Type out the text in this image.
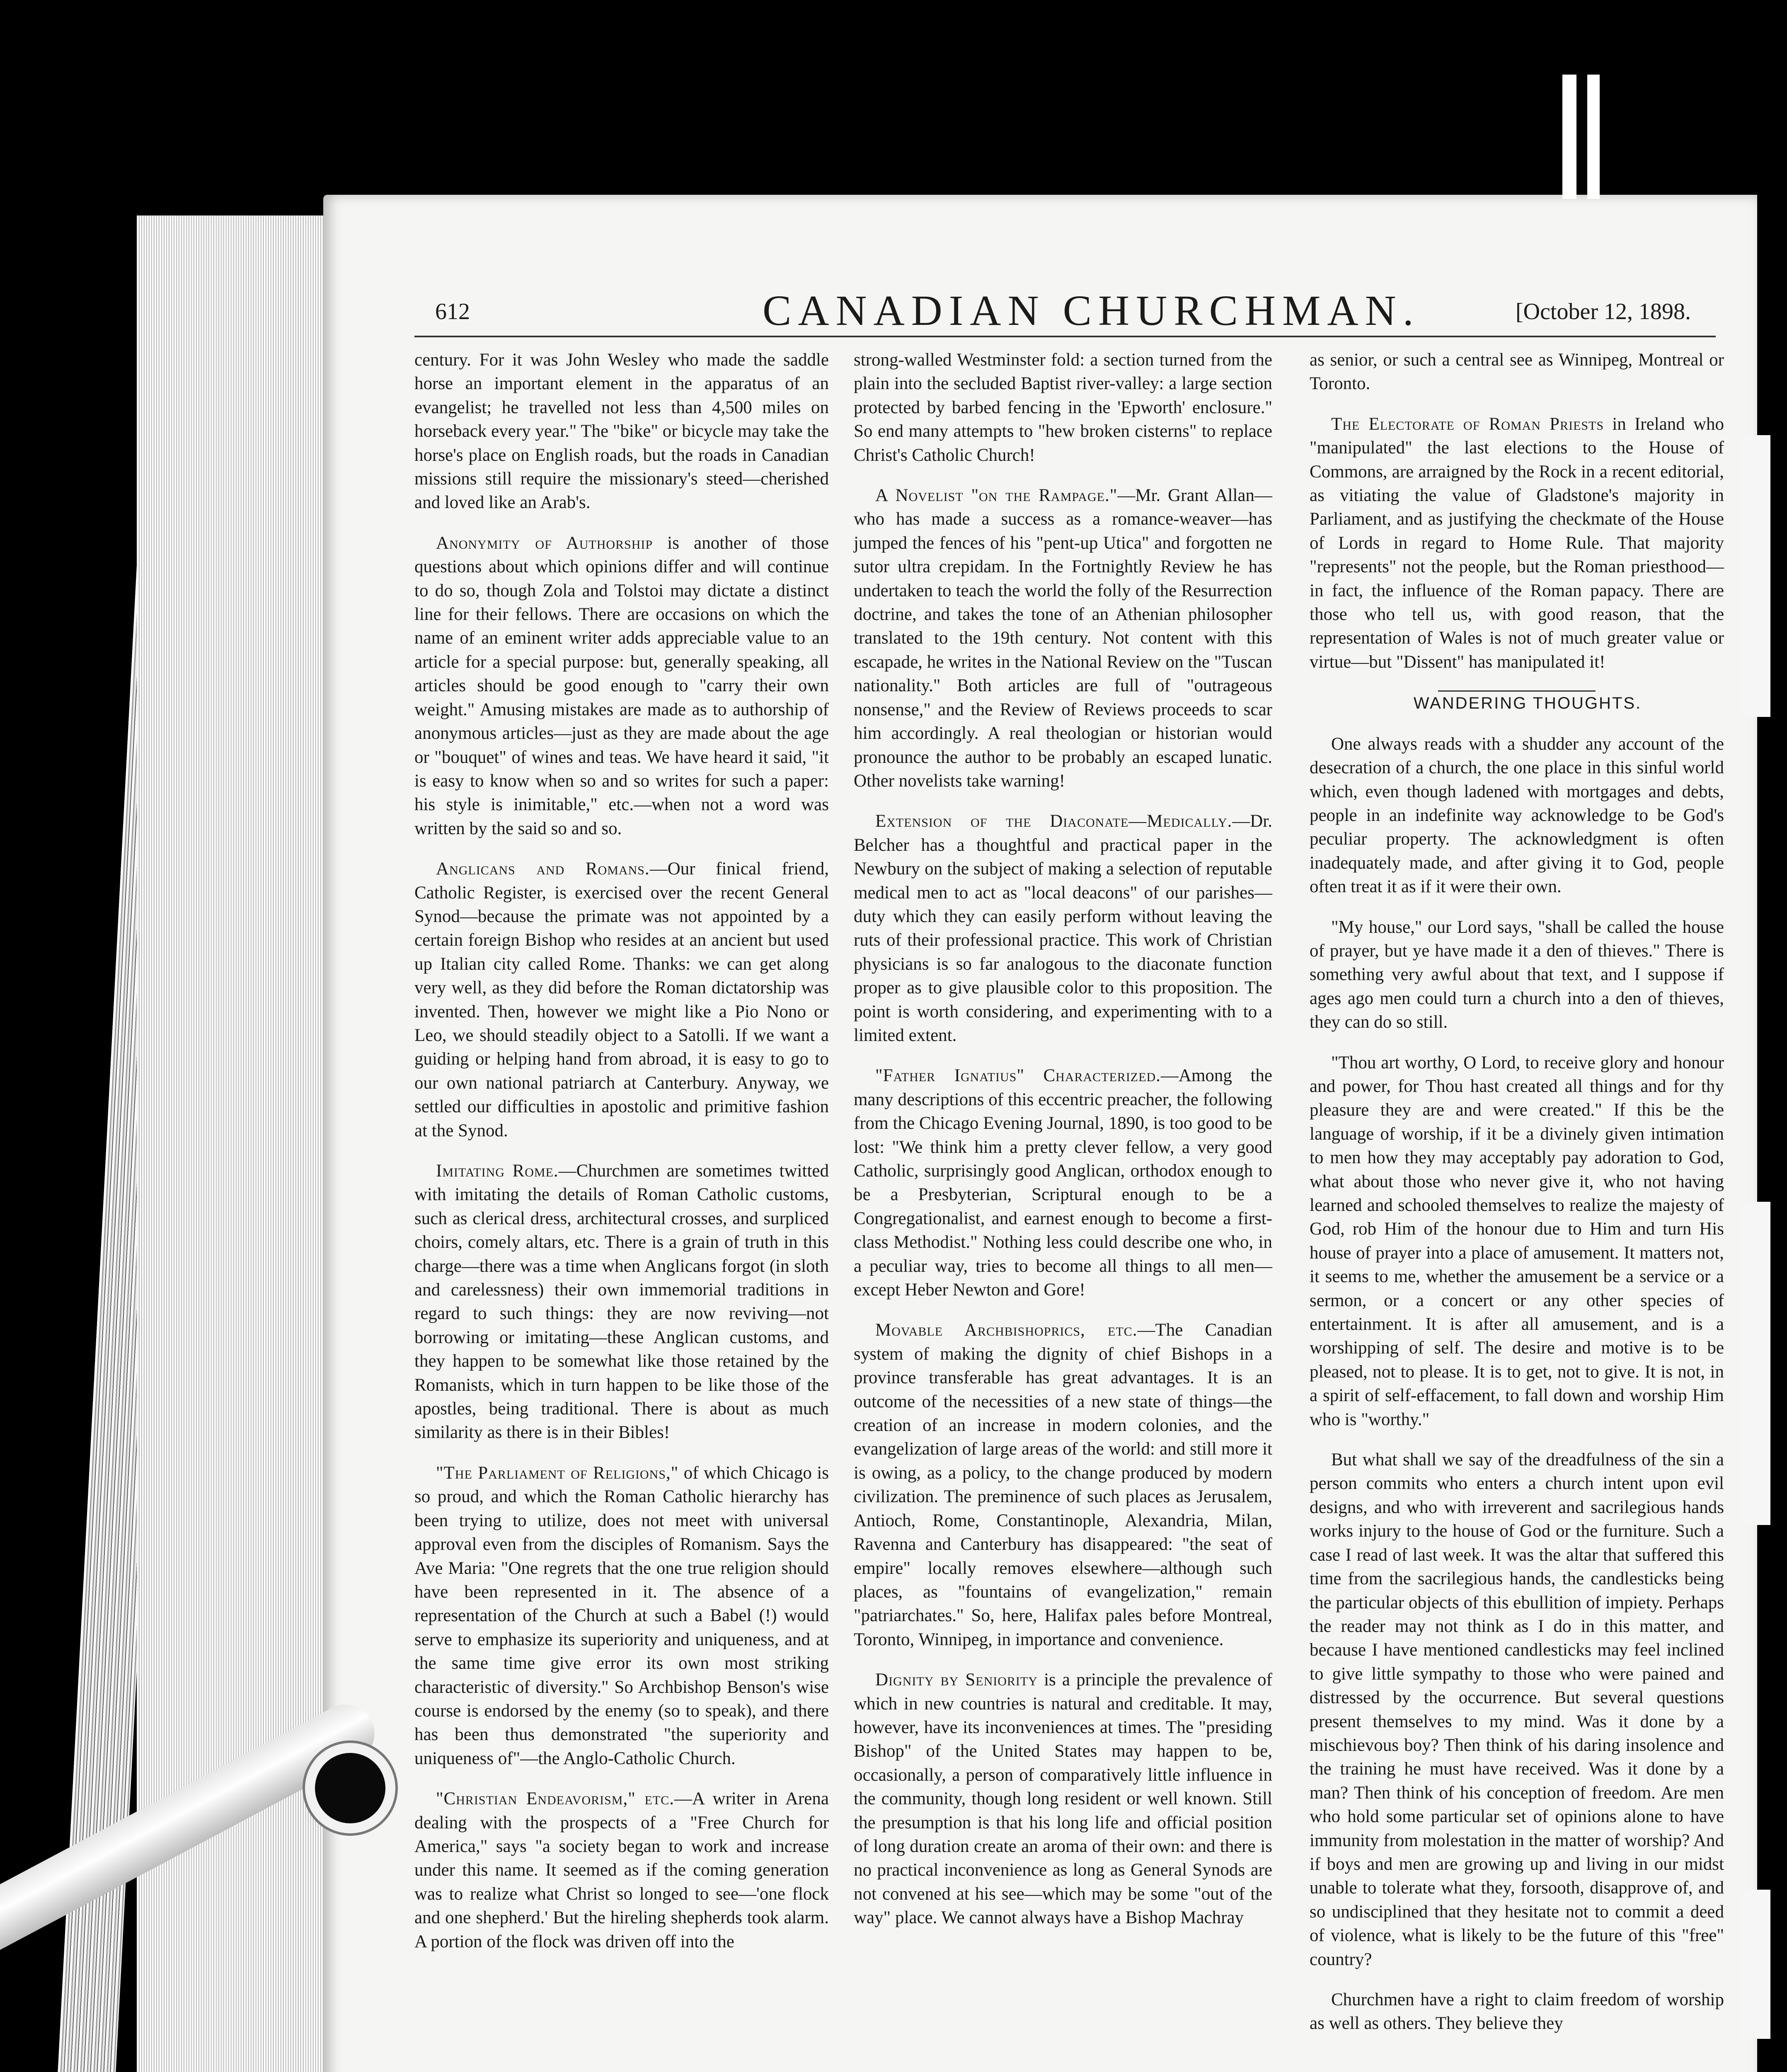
612	CANADIAN CHURCHMAN.	[October 12, 1898.

century. For it was John Wesley who made the saddle horse an important element in the apparatus of an evangelist; he travelled not less than 4,500 miles on horseback every year." The "bike" or bicycle may take the horse's place on English roads, but the roads in Canadian missions still require the missionary's steed—cherished and loved like an Arab's.

Anonymity of Authorship is another of those questions about which opinions differ and will continue to do so, though Zola and Tolstoi may dictate a distinct line for their fellows. There are occasions on which the name of an eminent writer adds appreciable value to an article for a special purpose: but, generally speaking, all articles should be good enough to "carry their own weight." Amusing mistakes are made as to authorship of anonymous articles—just as they are made about the age or "bouquet" of wines and teas. We have heard it said, "it is easy to know when so and so writes for such a paper: his style is inimitable," etc.—when not a word was written by the said so and so.

Anglicans and Romans.—Our finical friend, Catholic Register, is exercised over the recent General Synod—because the primate was not appointed by a certain foreign Bishop who resides at an ancient but used up Italian city called Rome. Thanks: we can get along very well, as they did before the Roman dictatorship was invented. Then, however we might like a Pio Nono or Leo, we should steadily object to a Satolli. If we want a guiding or helping hand from abroad, it is easy to go to our own national patriarch at Canterbury. Anyway, we settled our difficulties in apostolic and primitive fashion at the Synod.

Imitating Rome.—Churchmen are sometimes twitted with imitating the details of Roman Catholic customs, such as clerical dress, architectural crosses, and surpliced choirs, comely altars, etc. There is a grain of truth in this charge—there was a time when Anglicans forgot (in sloth and carelessness) their own immemorial traditions in regard to such things: they are now reviving—not borrowing or imitating—these Anglican customs, and they happen to be somewhat like those retained by the Romanists, which in turn happen to be like those of the apostles, being traditional. There is about as much similarity as there is in their Bibles!

"The Parliament of Religions," of which Chicago is so proud, and which the Roman Catholic hierarchy has been trying to utilize, does not meet with universal approval even from the disciples of Romanism. Says the Ave Maria: "One regrets that the one true religion should have been represented in it. The absence of a representation of the Church at such a Babel (!) would serve to emphasize its superiority and uniqueness, and at the same time give error its own most striking characteristic of diversity." So Archbishop Benson's wise course is endorsed by the enemy (so to speak), and there has been thus demonstrated "the superiority and uniqueness of"—the Anglo-Catholic Church.

"Christian Endeavorism," etc.—A writer in Arena dealing with the prospects of a "Free Church for America," says "a society began to work and increase under this name. It seemed as if the coming generation was to realize what Christ so longed to see—'one flock and one shepherd.' But the hireling shepherds took alarm. A portion of the flock was driven off into the

strong-walled Westminster fold: a section turned from the plain into the secluded Baptist river-valley: a large section protected by barbed fencing in the 'Epworth' enclosure." So end many attempts to "hew broken cisterns" to replace Christ's Catholic Church!

A Novelist "on the Rampage."—Mr. Grant Allan—who has made a success as a romance-weaver—has jumped the fences of his "pent-up Utica" and forgotten ne sutor ultra crepidam. In the Fortnightly Review he has undertaken to teach the world the folly of the Resurrection doctrine, and takes the tone of an Athenian philosopher translated to the 19th century. Not content with this escapade, he writes in the National Review on the "Tuscan nationality." Both articles are full of "outrageous nonsense," and the Review of Reviews proceeds to scar him accordingly. A real theologian or historian would pronounce the author to be probably an escaped lunatic. Other novelists take warning!

Extension of the Diaconate—Medically.—Dr. Belcher has a thoughtful and practical paper in the Newbury on the subject of making a selection of reputable medical men to act as "local deacons" of our parishes—duty which they can easily perform without leaving the ruts of their professional practice. This work of Christian physicians is so far analogous to the diaconate function proper as to give plausible color to this proposition. The point is worth considering, and experimenting with to a limited extent.

"Father Ignatius" Characterized.—Among the many descriptions of this eccentric preacher, the following from the Chicago Evening Journal, 1890, is too good to be lost: "We think him a pretty clever fellow, a very good Catholic, surprisingly good Anglican, orthodox enough to be a Presbyterian, Scriptural enough to be a Congregationalist, and earnest enough to become a first-class Methodist." Nothing less could describe one who, in a peculiar way, tries to become all things to all men—except Heber Newton and Gore!

Movable Archbishoprics, etc.—The Canadian system of making the dignity of chief Bishops in a province transferable has great advantages. It is an outcome of the necessities of a new state of things—the creation of an increase in modern colonies, and the evangelization of large areas of the world: and still more it is owing, as a policy, to the change produced by modern civilization. The preminence of such places as Jerusalem, Antioch, Rome, Constantinople, Alexandria, Milan, Ravenna and Canterbury has disappeared: "the seat of empire" locally removes elsewhere—although such places, as "fountains of evangelization," remain "patriarchates." So, here, Halifax pales before Montreal, Toronto, Winnipeg, in importance and convenience.

Dignity by Seniority is a principle the prevalence of which in new countries is natural and creditable. It may, however, have its inconveniences at times. The "presiding Bishop" of the United States may happen to be, occasionally, a person of comparatively little influence in the community, though long resident or well known. Still the presumption is that his long life and official position of long duration create an aroma of their own: and there is no practical inconvenience as long as General Synods are not convened at his see—which may be some "out of the way" place. We cannot always have a Bishop Machray

as senior, or such a central see as Winnipeg, Montreal or Toronto.

The Electorate of Roman Priests in Ireland who "manipulated" the last elections to the House of Commons, are arraigned by the Rock in a recent editorial, as vitiating the value of Gladstone's majority in Parliament, and as justifying the checkmate of the House of Lords in regard to Home Rule. That majority "represents" not the people, but the Roman priesthood—in fact, the influence of the Roman papacy. There are those who tell us, with good reason, that the representation of Wales is not of much greater value or virtue—but "Dissent" has manipulated it!

WANDERING THOUGHTS.

One always reads with a shudder any account of the desecration of a church, the one place in this sinful world which, even though ladened with mortgages and debts, people in an indefinite way acknowledge to be God's peculiar property. The acknowledgment is often inadequately made, and after giving it to God, people often treat it as if it were their own.

"My house," our Lord says, "shall be called the house of prayer, but ye have made it a den of thieves." There is something very awful about that text, and I suppose if ages ago men could turn a church into a den of thieves, they can do so still.

"Thou art worthy, O Lord, to receive glory and honour and power, for Thou hast created all things and for thy pleasure they are and were created." If this be the language of worship, if it be a divinely given intimation to men how they may acceptably pay adoration to God, what about those who never give it, who not having learned and schooled themselves to realize the majesty of God, rob Him of the honour due to Him and turn His house of prayer into a place of amusement. It matters not, it seems to me, whether the amusement be a service or a sermon, or a concert or any other species of entertainment. It is after all amusement, and is a worshipping of self. The desire and motive is to be pleased, not to please. It is to get, not to give. It is not, in a spirit of self-effacement, to fall down and worship Him who is "worthy."

But what shall we say of the dreadfulness of the sin a person commits who enters a church intent upon evil designs, and who with irreverent and sacrilegious hands works injury to the house of God or the furniture. Such a case I read of last week. It was the altar that suffered this time from the sacrilegious hands, the candlesticks being the particular objects of this ebullition of impiety. Perhaps the reader may not think as I do in this matter, and because I have mentioned candlesticks may feel inclined to give little sympathy to those who were pained and distressed by the occurrence. But several questions present themselves to my mind. Was it done by a mischievous boy? Then think of his daring insolence and the training he must have received. Was it done by a man? Then think of his conception of freedom. Are men who hold some particular set of opinions alone to have immunity from molestation in the matter of worship? And if boys and men are growing up and living in our midst unable to tolerate what they, forsooth, disapprove of, and so undisciplined that they hesitate not to commit a deed of violence, what is likely to be the future of this "free" country?

Churchmen have a right to claim freedom of worship as well as others. They believe they
